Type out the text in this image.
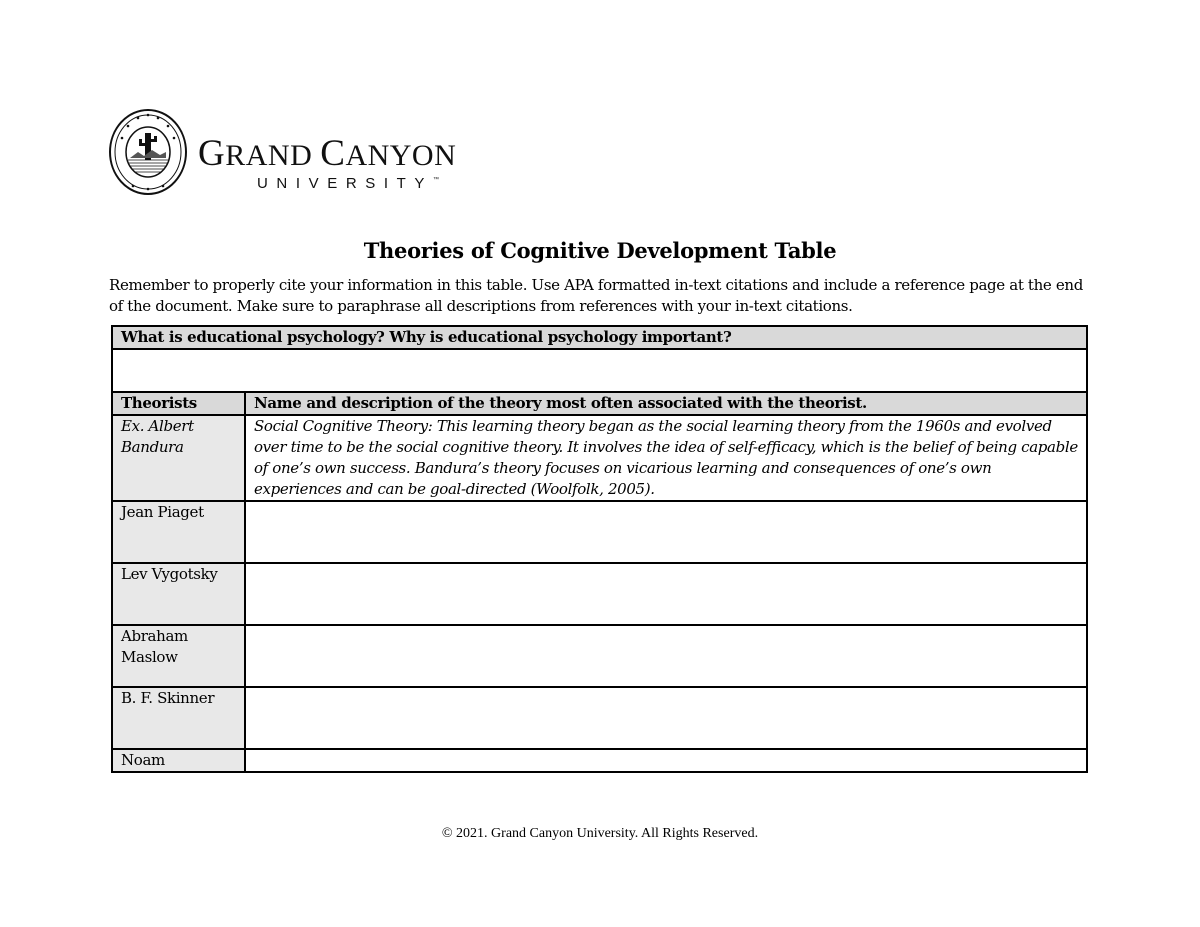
GRAND CANYON
UNIVERSITY™
Theories of Cognitive Development Table
Remember to properly cite your information in this table. Use APA formatted in-text citations and include a reference page at the end of the document. Make sure to paraphrase all descriptions from references with your in-text citations.
What is educational psychology? Why is educational psychology important?	

Theorists	Name and description of the theory most often associated with the theorist.
Ex. Albert Bandura	Social Cognitive Theory: This learning theory began as the social learning theory from the 1960s and evolved over time to be the social cognitive theory. It involves the idea of self-efficacy, which is the belief of being capable of one’s own success. Bandura’s theory focuses on vicarious learning and consequences of one’s own experiences and can be goal-directed (Woolfolk, 2005).
Jean Piaget	
Lev Vygotsky	
Abraham Maslow	
B. F. Skinner	
Noam	
© 2021. Grand Canyon University. All Rights Reserved.
